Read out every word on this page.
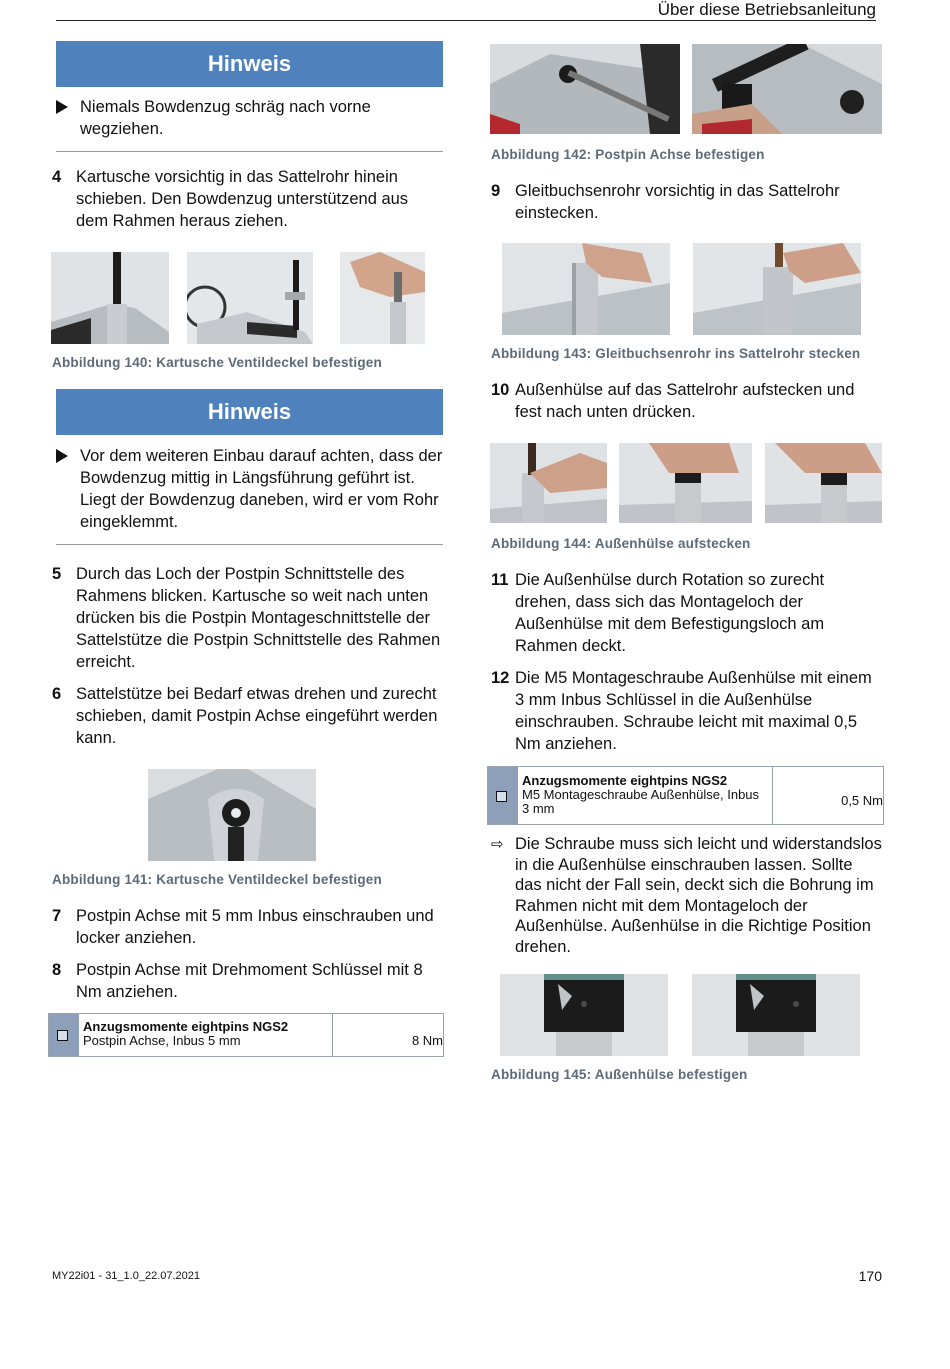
Über diese Betriebsanleitung
Hinweis
Niemals Bowdenzug schräg nach vorne wegziehen.
4 Kartusche vorsichtig in das Sattelrohr hinein schieben. Den Bowdenzug unterstützend aus dem Rahmen heraus ziehen.
Abbildung 140: Kartusche Ventildeckel befestigen
Hinweis
Vor dem weiteren Einbau darauf achten, dass der Bowdenzug mittig in Längsführung geführt ist. Liegt der Bowdenzug daneben, wird er vom Rohr eingeklemmt.
5 Durch das Loch der Postpin Schnittstelle des Rahmens blicken. Kartusche so weit nach unten drücken bis die Postpin Montageschnittstelle der Sattelstütze die Postpin Schnittstelle des Rahmen erreicht.
6 Sattelstütze bei Bedarf etwas drehen und zurecht schieben, damit Postpin Achse eingeführt werden kann.
Abbildung 141: Kartusche Ventildeckel befestigen
7 Postpin Achse mit 5 mm Inbus einschrauben und locker anziehen.
8 Postpin Achse mit Drehmoment Schlüssel mit 8 Nm anziehen.
Anzugsmomente eightpins NGS2
Postpin Achse, Inbus 5 mm	8 Nm
Abbildung 142: Postpin Achse befestigen
9 Gleitbuchsenrohr vorsichtig in das Sattelrohr einstecken.
Abbildung 143: Gleitbuchsenrohr ins Sattelrohr stecken
10 Außenhülse auf das Sattelrohr aufstecken und fest nach unten drücken.
Abbildung 144: Außenhülse aufstecken
11 Die Außenhülse durch Rotation so zurecht drehen, dass sich das Montageloch der Außenhülse mit dem Befestigungsloch am Rahmen deckt.
12 Die M5 Montageschraube Außenhülse mit einem 3 mm Inbus Schlüssel in die Außenhülse einschrauben. Schraube leicht mit maximal 0,5 Nm anziehen.
Anzugsmomente eightpins NGS2
M5 Montageschraube Außenhülse, Inbus 3 mm
0,5 Nm
⇨ Die Schraube muss sich leicht und widerstandslos in die Außenhülse einschrauben lassen. Sollte das nicht der Fall sein, deckt sich die Bohrung im Rahmen nicht mit dem Montageloch der Außenhülse. Außenhülse in die Richtige Position drehen.
Abbildung 145: Außenhülse befestigen
MY22i01 - 31_1.0_22.07.2021	170
